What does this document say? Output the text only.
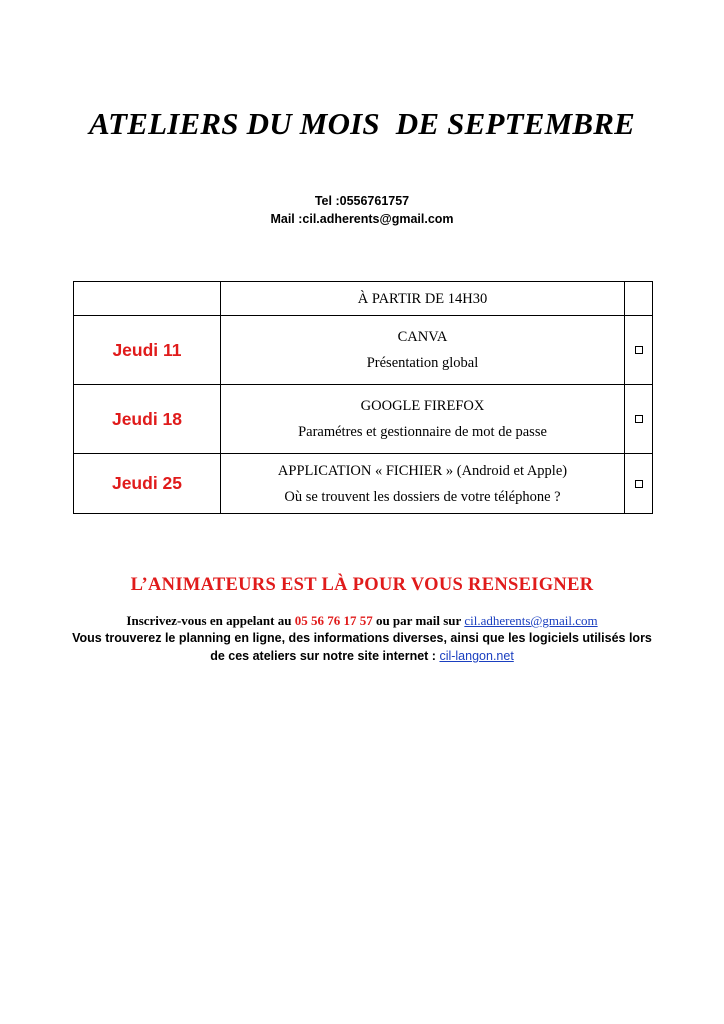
ATELIERS DU MOIS  DE SEPTEMBRE
Tel :0556761757
Mail :cil.adherents@gmail.com
	À PARTIR DE 14H30	
Jeudi 11	CANVA
Présentation global	

Jeudi 18	GOOGLE FIREFOX
Paramétres et gestionnaire de mot de passe	

Jeudi 25	APPLICATION « FICHIER » (Android et Apple)
Où se trouvent les dossiers de votre téléphone ?	

L’ANIMATEURS EST LÀ POUR VOUS RENSEIGNER
Inscrivez-vous en appelant au 05 56 76 17 57 ou par mail sur cil.adherents@gmail.com
Vous trouverez le planning en ligne, des informations diverses, ainsi que les logiciels utilisés lors
de ces ateliers sur notre site internet : cil-langon.net
